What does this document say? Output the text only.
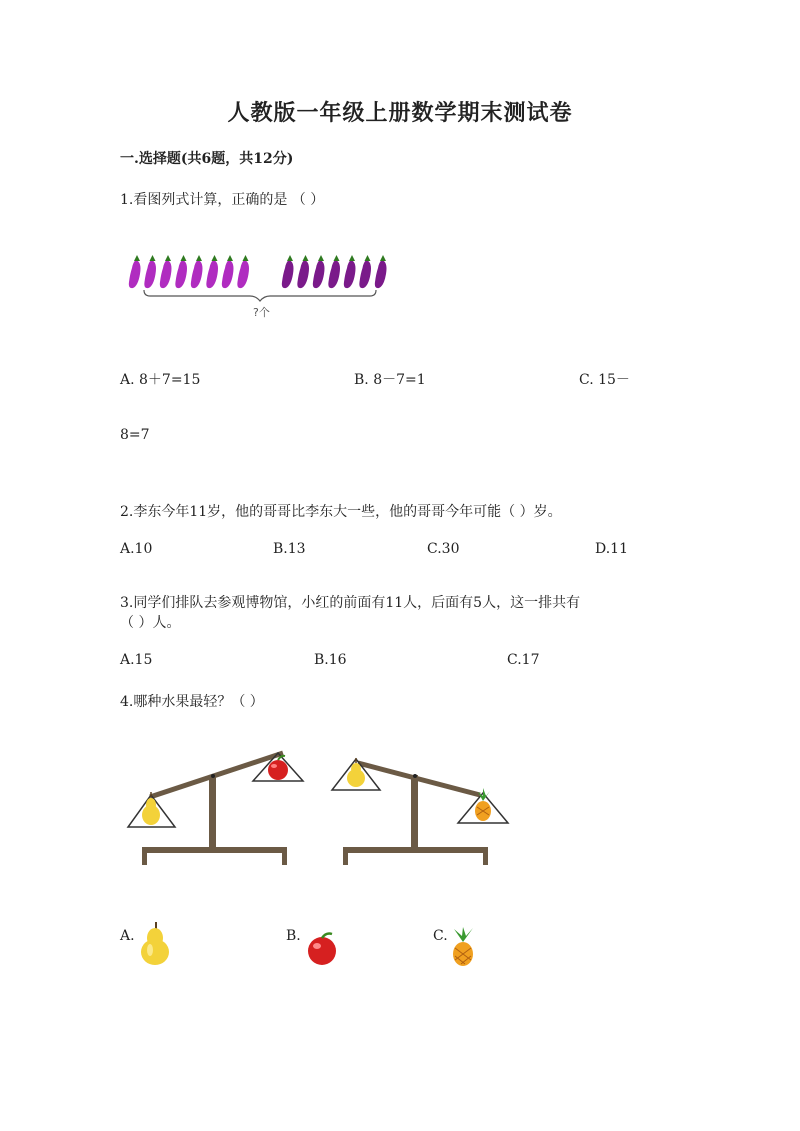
人教版一年级上册数学期末测试卷
一.选择题(共6题，共12分)
1.看图列式计算，正确的是 （ ）
?个
A. 8＋7=15	B. 8－7=1	C. 15－
8=7
2.李东今年11岁，他的哥哥比李东大一些，他的哥哥今年可能（ ）岁。
A.10	B.13	C.30	D.11
3.同学们排队去参观博物馆，小红的前面有11人，后面有5人，这一排共有
（ ）人。
A.15	B.16	C.17
4.哪种水果最轻？（ ）
A.	B.	C.
